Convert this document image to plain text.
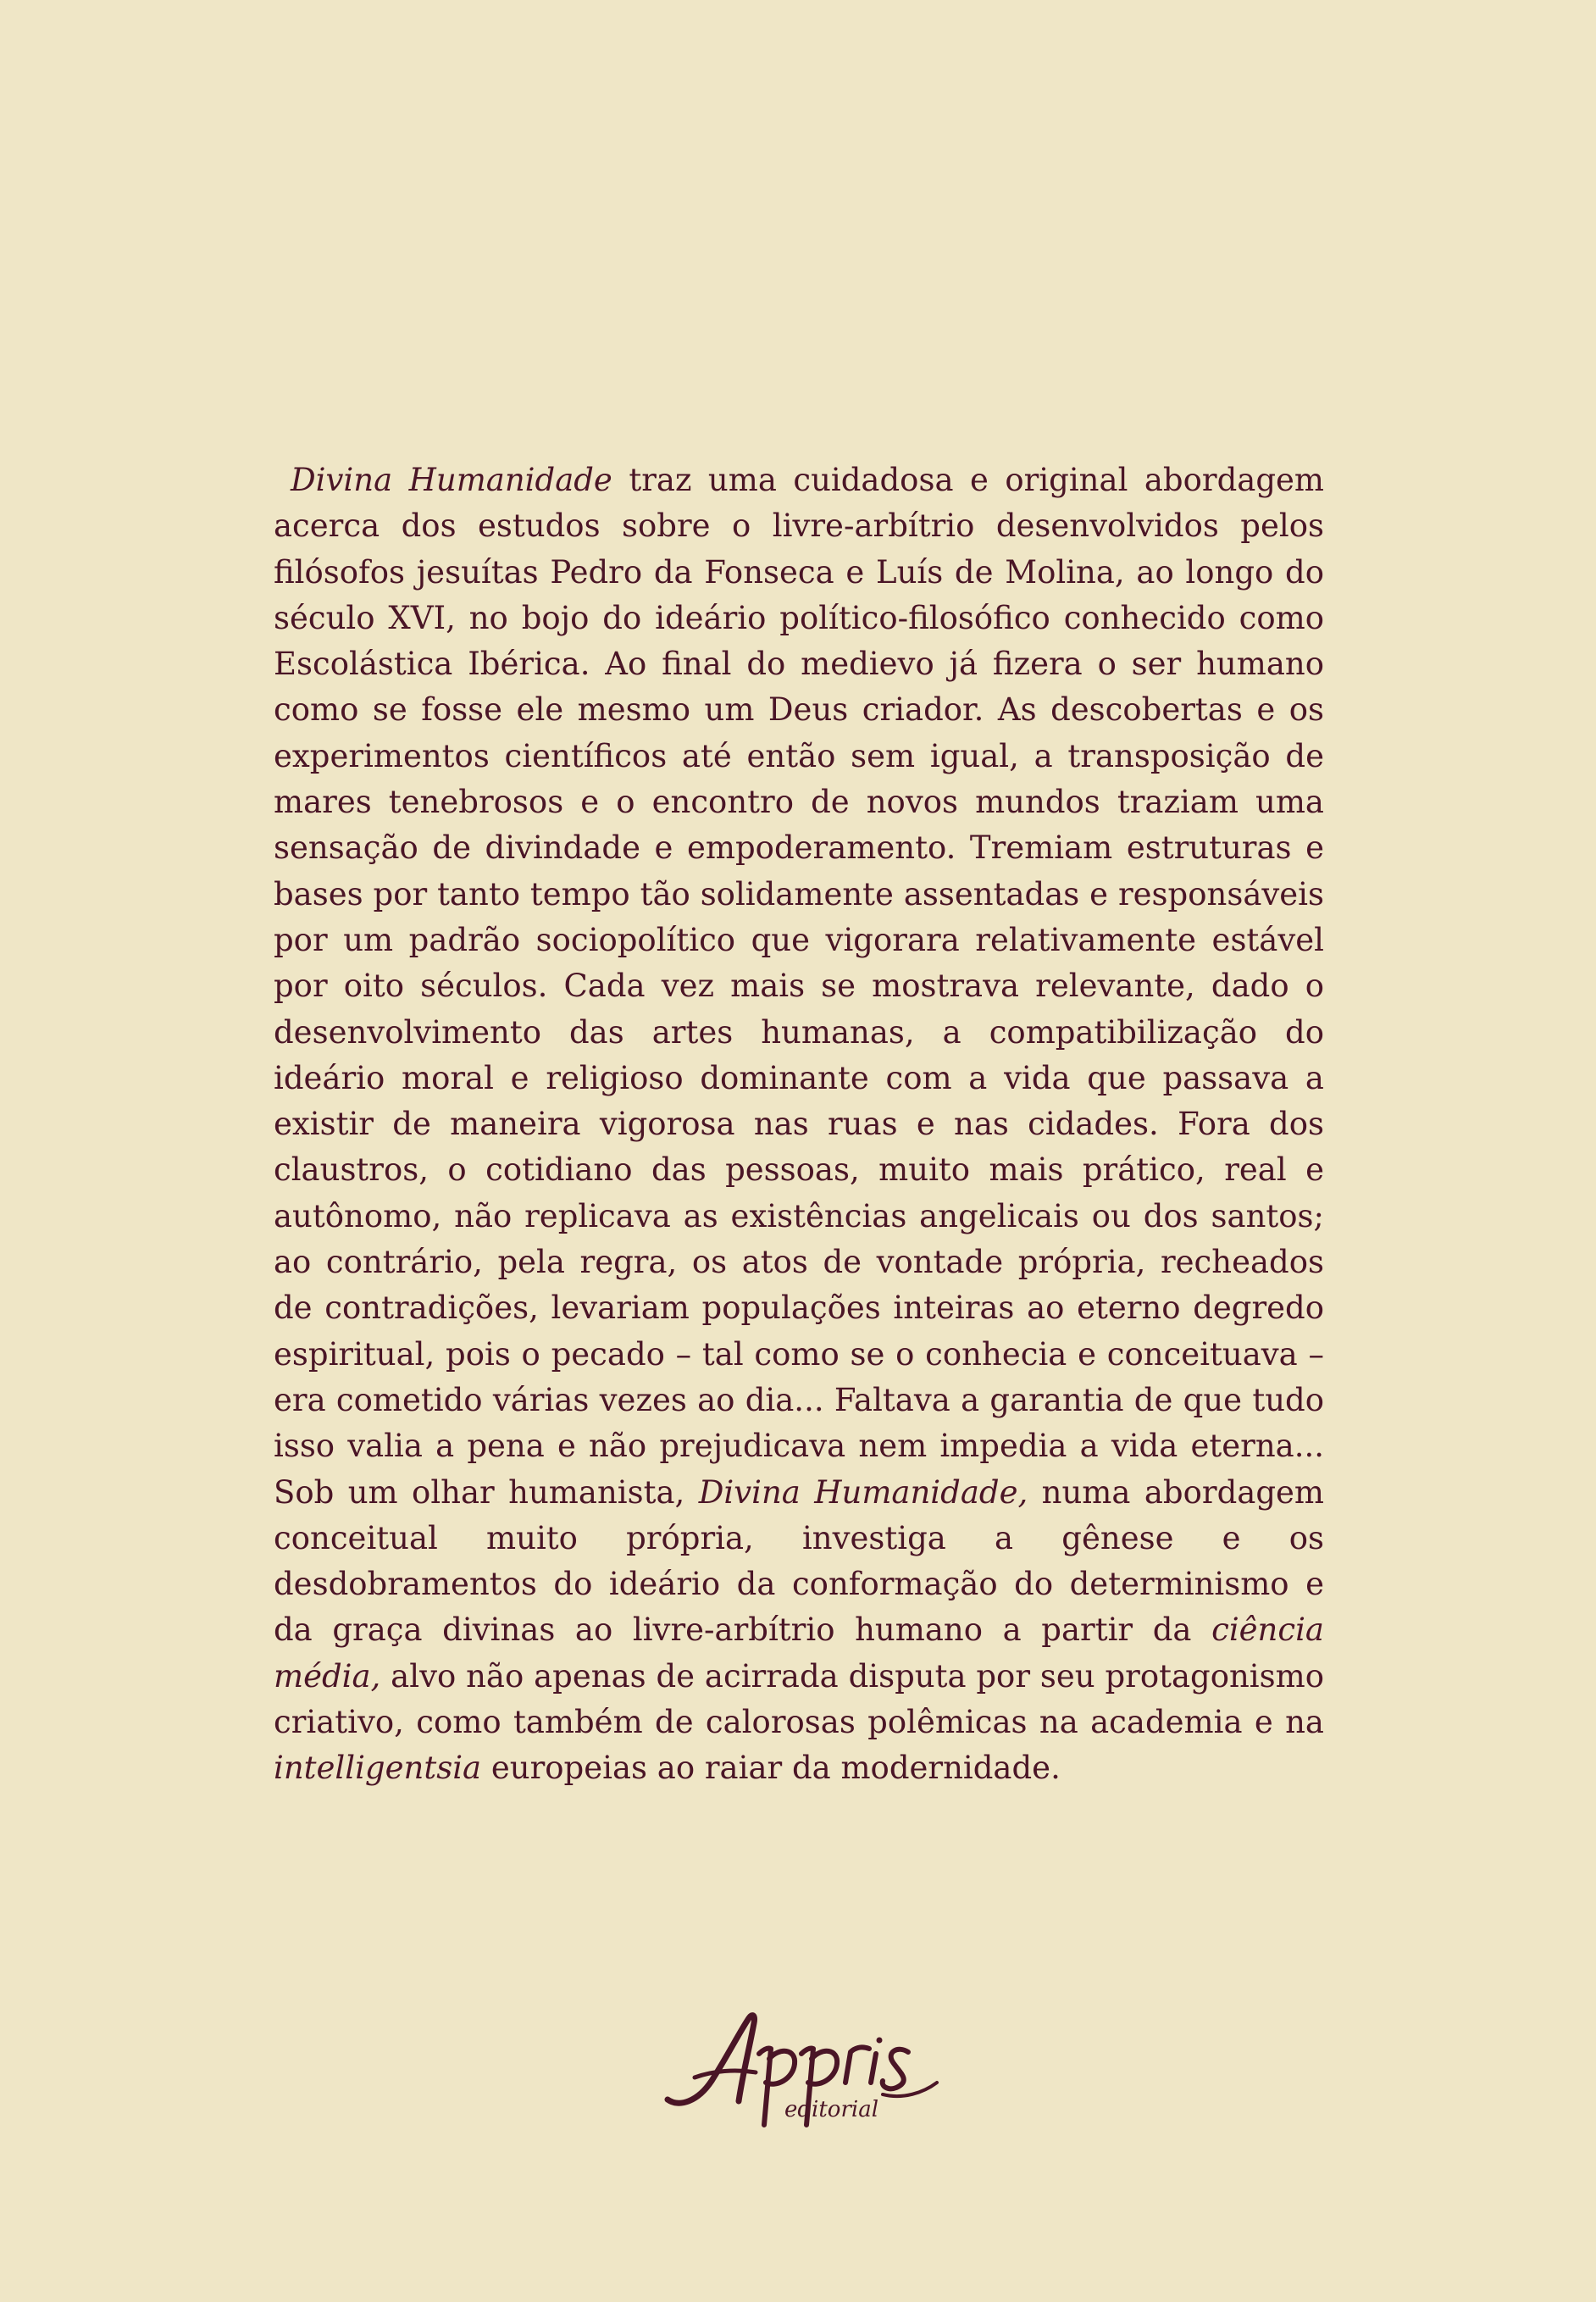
Divina Humanidade traz uma cuidadosa e original abordagem acerca dos estudos sobre o livre-arbítrio desenvolvidos pelos filósofos jesuítas Pedro da Fonseca e Luís de Molina, ao longo do século XVI, no bojo do ideário político-filosófico conhecido como Escolástica Ibérica. Ao final do medievo já fizera o ser humano como se fosse ele mesmo um Deus criador. As descobertas e os experimentos científicos até então sem igual, a transposição de mares tenebrosos e o encontro de novos mundos traziam uma sensação de divindade e empoderamento. Tremiam estruturas e bases por tanto tempo tão solidamente assentadas e responsáveis por um padrão sociopolítico que vigorara relativamente estável por oito séculos. Cada vez mais se mostrava relevante, dado o desenvolvimento das artes humanas, a compatibilização do ideário moral e religioso dominante com a vida que passava a existir de maneira vigorosa nas ruas e nas cidades. Fora dos claustros, o cotidiano das pessoas, muito mais prático, real e autônomo, não replicava as existências angelicais ou dos santos; ao contrário, pela regra, os atos de vontade própria, recheados de contradições, levariam populações inteiras ao eterno degredo espiritual, pois o pecado – tal como se o conhecia e conceituava – era cometido várias vezes ao dia... Faltava a garantia de que tudo isso valia a pena e não prejudicava nem impedia a vida eterna... Sob um olhar humanista, Divina Humanidade, numa abordagem conceitual muito própria, investiga a gênese e os desdobramentos do ideário da conformação do determinismo e da graça divinas ao livre-arbítrio humano a partir da ciência média, alvo não apenas de acirrada disputa por seu protagonismo criativo, como também de calorosas polêmicas na academia e na intelligentsia europeias ao raiar da modernidade.

editorial
